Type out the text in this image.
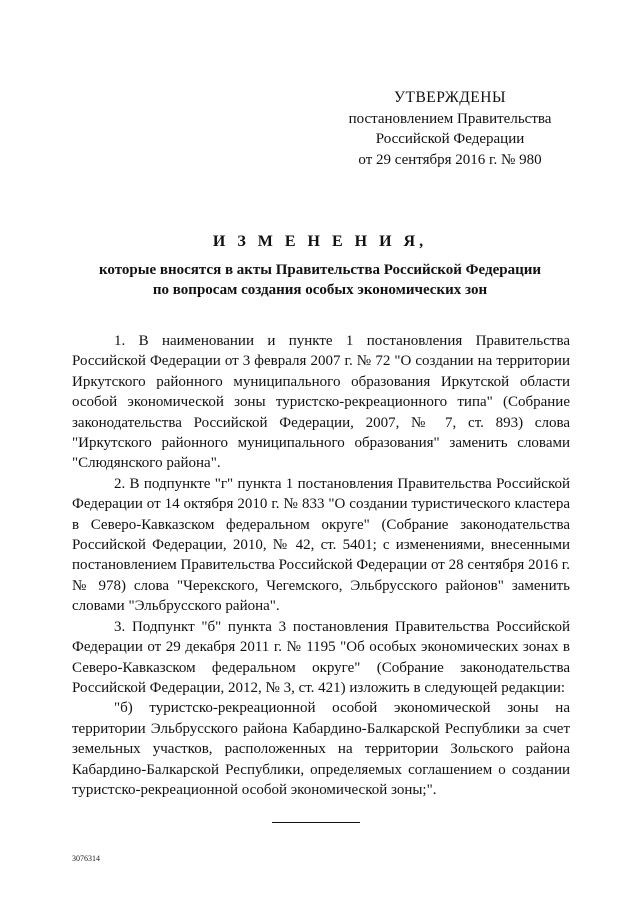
УТВЕРЖДЕНЫ
постановлением Правительства
Российской Федерации
от 29 сентября 2016 г. № 980
И З М Е Н Е Н И Я,
которые вносятся в акты Правительства Российской Федерации
по вопросам создания особых экономических зон

1. В наименовании и пункте 1 постановления Правительства Российской Федерации от 3 февраля 2007 г. № 72 "О создании на территории Иркутского районного муниципального образования Иркутской области особой экономической зоны туристско-рекреационного типа" (Собрание законодательства Российской Федерации, 2007, № 7, ст. 893) слова "Иркутского районного муниципального образования" заменить словами "Слюдянского района".

2. В подпункте "г" пункта 1 постановления Правительства Российской Федерации от 14 октября 2010 г. № 833 "О создании туристического кластера в Северо-Кавказском федеральном округе" (Собрание законодательства Российской Федерации, 2010, № 42, ст. 5401; с изменениями, внесенными постановлением Правительства Российской Федерации от 28 сентября 2016 г. № 978) слова "Черекского, Чегемского, Эльбрусского районов" заменить словами "Эльбрусского района".

3. Подпункт "б" пункта 3 постановления Правительства Российской Федерации от 29 декабря 2011 г. № 1195 "Об особых экономических зонах в Северо-Кавказском федеральном округе" (Собрание законодательства Российской Федерации, 2012, № 3, ст. 421) изложить в следующей редакции:

"б) туристско-рекреационной особой экономической зоны на территории Эльбрусского района Кабардино-Балкарской Республики за счет земельных участков, расположенных на территории Зольского района Кабардино-Балкарской Республики, определяемых соглашением о создании туристско-рекреационной особой экономической зоны;".

3076314
